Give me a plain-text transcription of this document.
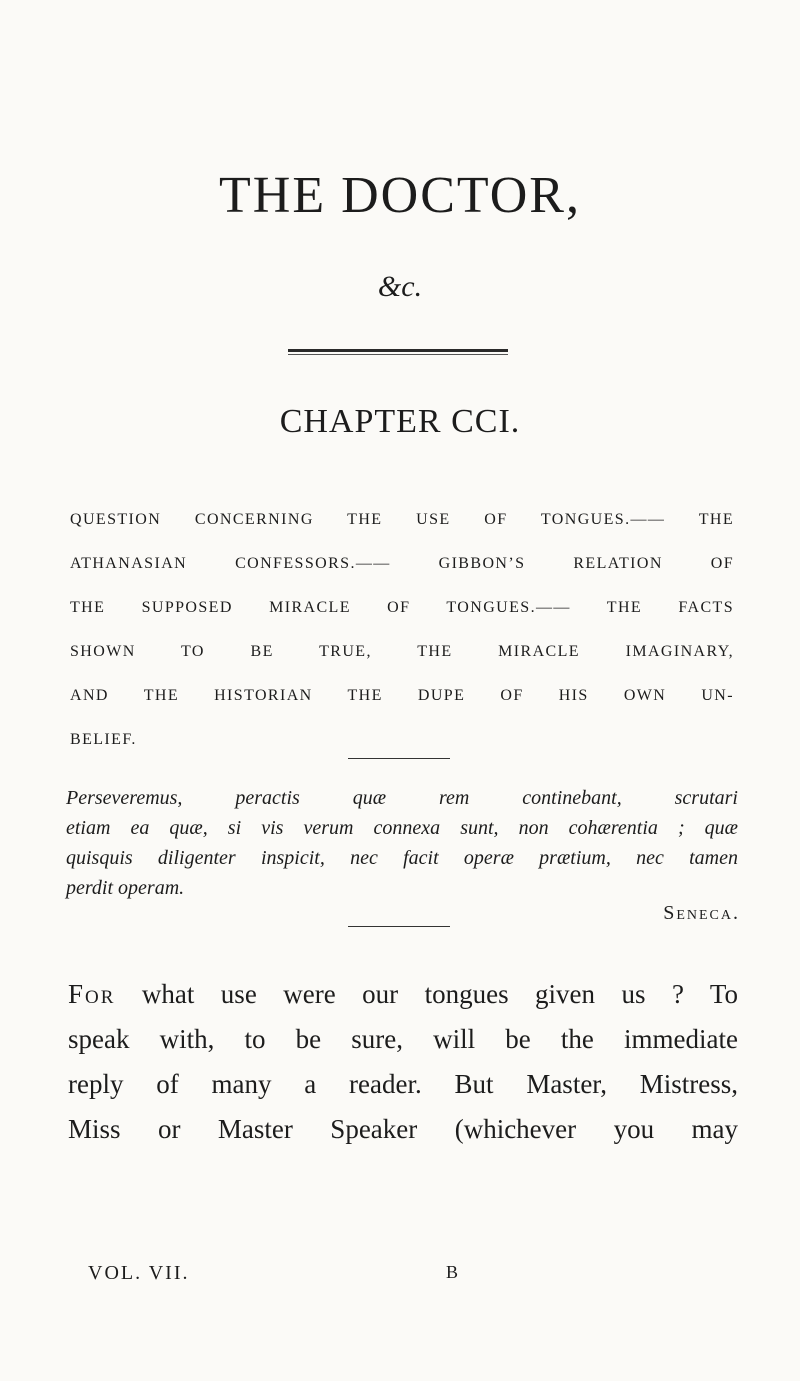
THE DOCTOR,
&c.
CHAPTER CCI.
QUESTION CONCERNING THE USE OF TONGUES.—— THE
ATHANASIAN CONFESSORS.—— GIBBON’S RELATION OF
THE SUPPOSED MIRACLE OF TONGUES.—— THE FACTS
SHOWN TO BE TRUE, THE MIRACLE IMAGINARY,
AND THE HISTORIAN THE DUPE OF HIS OWN UN-
BELIEF.
Perseveremus, peractis quæ rem continebant, scrutari
etiam ea quæ, si vis verum connexa sunt, non cohærentia ; quæ
quisquis diligenter inspicit, nec facit operæ prætium, nec tamen
perdit operam.
Seneca.
For what use were our tongues given us ? To
speak with, to be sure, will be the immediate
reply of many a reader. But Master, Mistress,
Miss or Master Speaker (whichever you may
VOL. VII.	B
